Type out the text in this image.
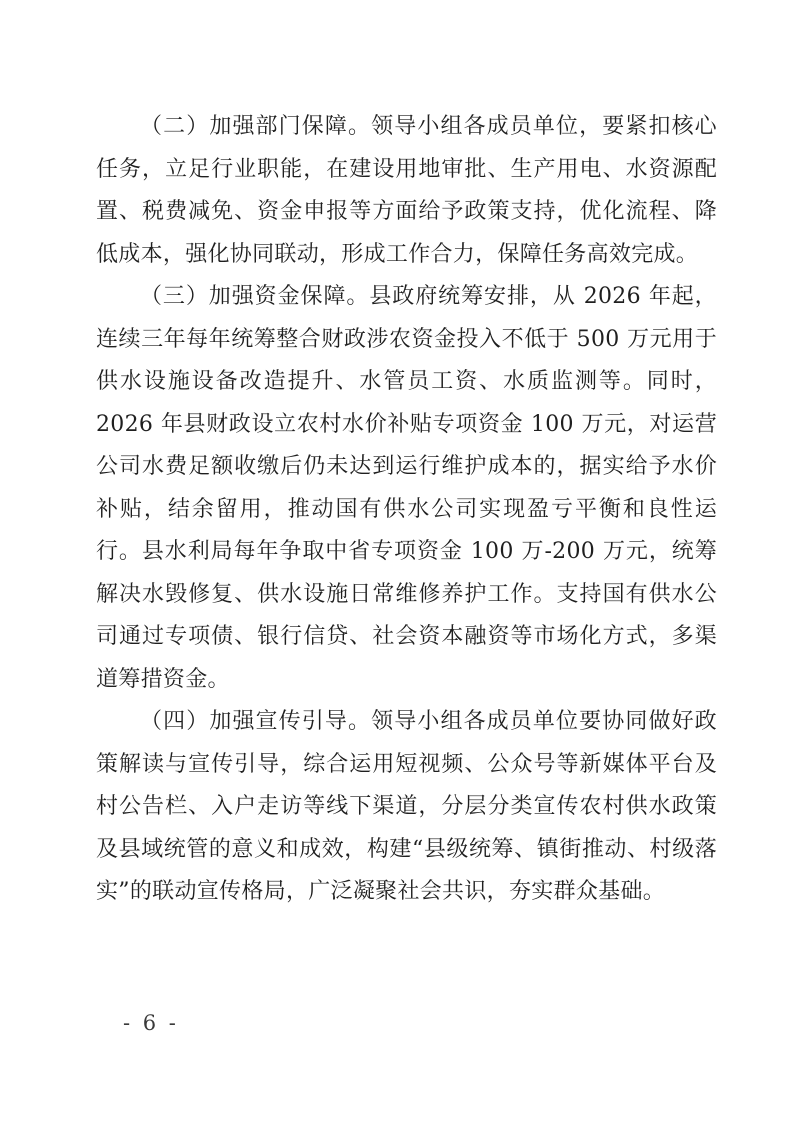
（二）加强部门保障。领导小组各成员单位，要紧扣核心任务，立足行业职能，在建设用地审批、生产用电、水资源配置、税费减免、资金申报等方面给予政策支持，优化流程、降低成本，强化协同联动，形成工作合力，保障任务高效完成。

（三）加强资金保障。县政府统筹安排，从 2026 年起，连续三年每年统筹整合财政涉农资金投入不低于 500 万元用于供水设施设备改造提升、水管员工资、水质监测等。同时，2026 年县财政设立农村水价补贴专项资金 100 万元，对运营公司水费足额收缴后仍未达到运行维护成本的，据实给予水价补贴，结余留用，推动国有供水公司实现盈亏平衡和良性运行。县水利局每年争取中省专项资金 100 万-200 万元，统筹解决水毁修复、供水设施日常维修养护工作。支持国有供水公司通过专项债、银行信贷、社会资本融资等市场化方式，多渠道筹措资金。

（四）加强宣传引导。领导小组各成员单位要协同做好政策解读与宣传引导，综合运用短视频、公众号等新媒体平台及村公告栏、入户走访等线下渠道，分层分类宣传农村供水政策及县域统管的意义和成效，构建“县级统筹、镇街推动、村级落实”的联动宣传格局，广泛凝聚社会共识，夯实群众基础。

- 6 -
